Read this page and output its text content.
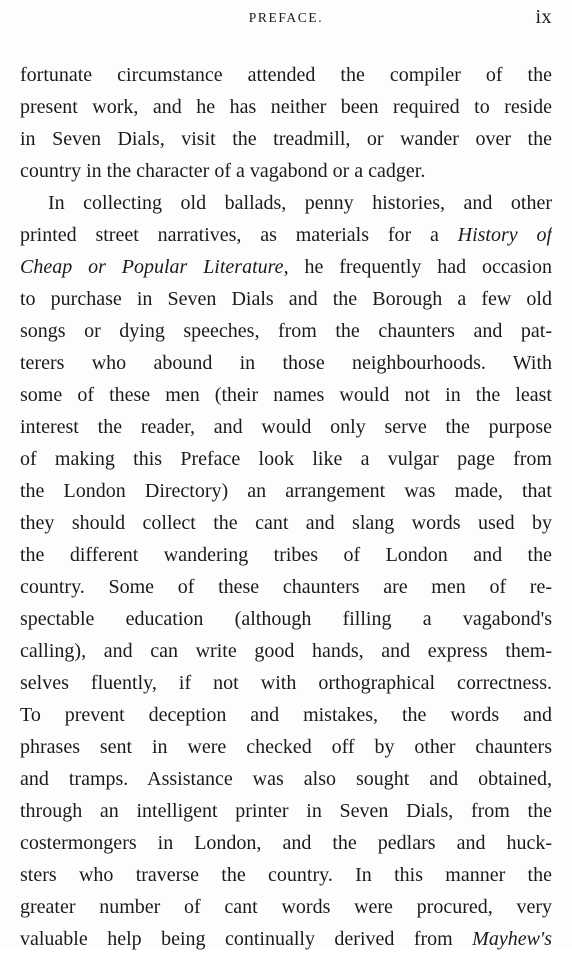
PREFACE.	ix
fortunate circumstance attended the compiler of the
present work, and he has neither been required to reside
in Seven Dials, visit the treadmill, or wander over the
country in the character of a vagabond or a cadger.
In collecting old ballads, penny histories, and other
printed street narratives, as materials for a History of
Cheap or Popular Literature, he frequently had occasion
to purchase in Seven Dials and the Borough a few old
songs or dying speeches, from the chaunters and pat-
terers who abound in those neighbourhoods. With
some of these men (their names would not in the least
interest the reader, and would only serve the purpose
of making this Preface look like a vulgar page from
the London Directory) an arrangement was made, that
they should collect the cant and slang words used by
the different wandering tribes of London and the
country. Some of these chaunters are men of re-
spectable education (although filling a vagabond's
calling), and can write good hands, and express them-
selves fluently, if not with orthographical correctness.
To prevent deception and mistakes, the words and
phrases sent in were checked off by other chaunters
and tramps. Assistance was also sought and obtained,
through an intelligent printer in Seven Dials, from the
costermongers in London, and the pedlars and huck-
sters who traverse the country. In this manner the
greater number of cant words were procured, very
valuable help being continually derived from Mayhew's
